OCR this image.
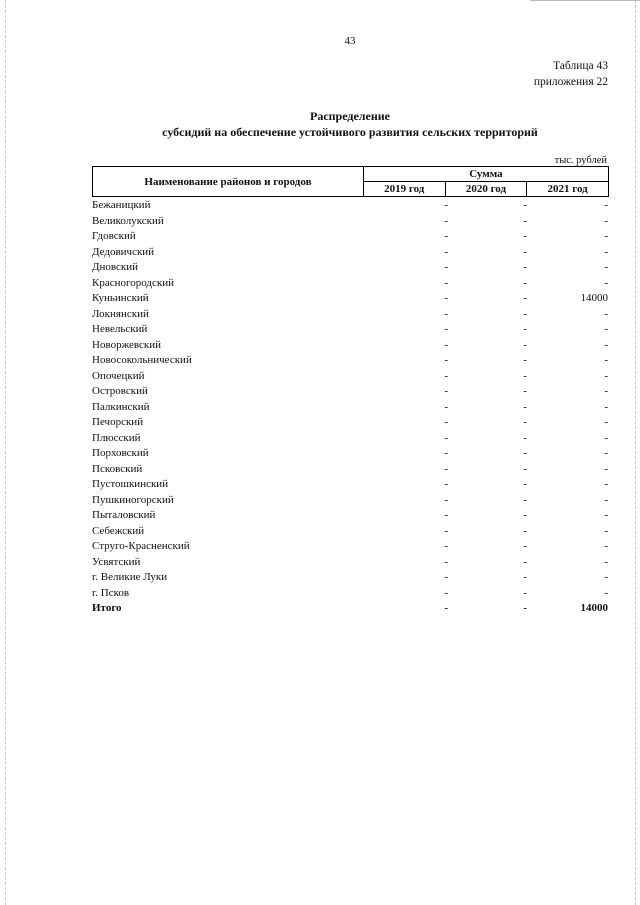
43
Таблица 43
приложения 22
Распределение
субсидий на обеспечение устойчивого развития сельских территорий
тыс. рублей
Наименование районов и городов	Сумма		
	2019 год	2020 год	2021 год
Бежаницкий	-	-	-
Великолукский	-	-	-
Гдовский	-	-	-
Дедовичский	-	-	-
Дновский	-	-	-
Красногородский	-	-	-
Куньинский	-	-	14000
Локнянский	-	-	-
Невельский	-	-	-
Новоржевский	-	-	-
Новосокольнический	-	-	-
Опочецкий	-	-	-
Островский	-	-	-
Палкинский	-	-	-
Печорский	-	-	-
Плюсский	-	-	-
Порховский	-	-	-
Псковский	-	-	-
Пустошкинский	-	-	-
Пушкиногорский	-	-	-
Пыталовский	-	-	-
Себежский	-	-	-
Струго-Красненский	-	-	-
Усвятский	-	-	-
г. Великие Луки	-	-	-
г. Псков	-	-	-
Итого	-	-	14000
